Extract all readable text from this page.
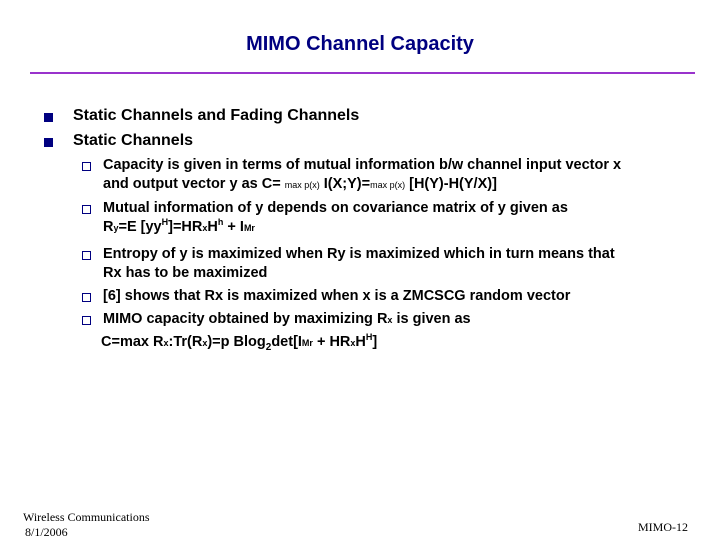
MIMO Channel Capacity
Static Channels and Fading Channels
Static Channels
Capacity is given in terms of mutual information b/w channel input vector x
and output vector y as C= max p(x) I(X;Y)=max p(x) [H(Y)-H(Y/X)]
Mutual information of y depends on covariance matrix of y given as
Ry=E $[yy^H]=HRxH^h$ + IMr
Entropy of y is maximized when Ry is maximized which in turn means that
Rx has to be maximized
[6] shows that Rx is maximized when x is a ZMCSCG random vector
MIMO capacity obtained by maximizing Rx is given as
C=max Rx:Tr(Rx)=p Blog$_2$det[IMr + HRxH$^H$]
Wireless Communications
8/1/2006	MIMO-12
